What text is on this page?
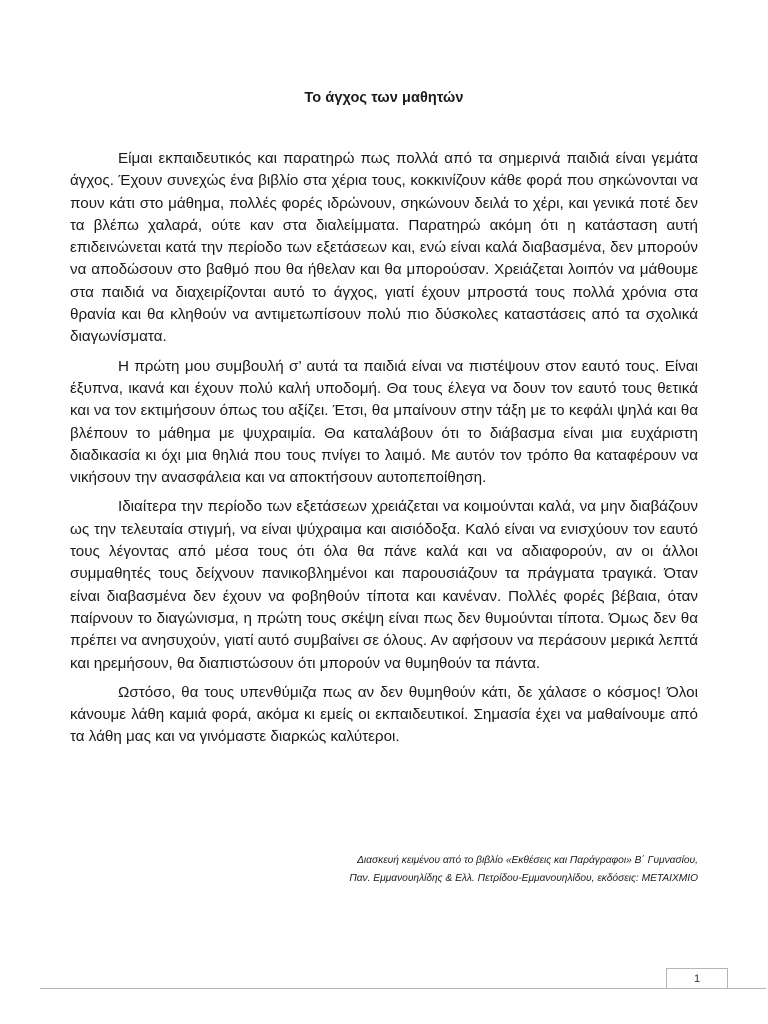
Το άγχος των μαθητών

Είμαι εκπαιδευτικός και παρατηρώ πως πολλά από τα σημερινά παιδιά είναι γεμάτα άγχος. Έχουν συνεχώς ένα βιβλίο στα χέρια τους, κοκκινίζουν κάθε φορά που σηκώνονται να πουν κάτι στο μάθημα, πολλές φορές ιδρώνουν, σηκώνουν δειλά το χέρι, και γενικά ποτέ δεν τα βλέπω χαλαρά, ούτε καν στα διαλείμματα. Παρατηρώ ακόμη ότι η κατάσταση αυτή επιδεινώνεται κατά την περίοδο των εξετάσεων και, ενώ είναι καλά διαβασμένα, δεν μπορούν να αποδώσουν στο βαθμό που θα ήθελαν και θα μπορούσαν. Χρειάζεται λοιπόν να μάθουμε στα παιδιά να διαχειρίζονται αυτό το άγχος, γιατί έχουν μπροστά τους πολλά χρόνια στα θρανία και θα κληθούν να αντιμετωπίσουν πολύ πιο δύσκολες καταστάσεις από τα σχολικά διαγωνίσματα.

Η πρώτη μου συμβουλή σ’ αυτά τα παιδιά είναι να πιστέψουν στον εαυτό τους. Είναι έξυπνα, ικανά και έχουν πολύ καλή υποδομή. Θα τους έλεγα να δουν τον εαυτό τους θετικά και να τον εκτιμήσουν όπως του αξίζει. Έτσι, θα μπαίνουν στην τάξη με το κεφάλι ψηλά και θα βλέπουν το μάθημα με ψυχραιμία. Θα καταλάβουν ότι το διάβασμα είναι μια ευχάριστη διαδικασία κι όχι μια θηλιά που τους πνίγει το λαιμό. Με αυτόν τον τρόπο θα καταφέρουν να νικήσουν την ανασφάλεια και να αποκτήσουν αυτοπεποίθηση.

Ιδιαίτερα την περίοδο των εξετάσεων χρειάζεται να κοιμούνται καλά, να μην διαβάζουν ως την τελευταία στιγμή, να είναι ψύχραιμα και αισιόδοξα. Καλό είναι να ενισχύουν τον εαυτό τους λέγοντας από μέσα τους ότι όλα θα πάνε καλά και να αδιαφορούν, αν οι άλλοι συμμαθητές τους δείχνουν πανικοβλημένοι και παρουσιάζουν τα πράγματα τραγικά. Όταν είναι διαβασμένα δεν έχουν να φοβηθούν τίποτα και κανέναν. Πολλές φορές βέβαια, όταν παίρνουν το διαγώνισμα, η πρώτη τους σκέψη είναι πως δεν θυμούνται τίποτα. Όμως δεν θα πρέπει να ανησυχούν, γιατί αυτό συμβαίνει σε όλους. Αν αφήσουν να περάσουν μερικά λεπτά και ηρεμήσουν, θα διαπιστώσουν ότι μπορούν να θυμηθούν τα πάντα.

Ωστόσο, θα τους υπενθύμιζα πως αν δεν θυμηθούν κάτι, δε χάλασε ο κόσμος! Όλοι κάνουμε λάθη καμιά φορά, ακόμα κι εμείς οι εκπαιδευτικοί. Σημασία έχει να μαθαίνουμε από τα λάθη μας και να γινόμαστε διαρκώς καλύτεροι.

Διασκευή κειμένου από το βιβλίο «Εκθέσεις και Παράγραφοι» Β΄ Γυμνασίου,
Παν. Εμμανουηλίδης & Ελλ. Πετρίδου-Εμμανουηλίδου, εκδόσεις: ΜΕΤΑΙΧΜΙΟ
1
